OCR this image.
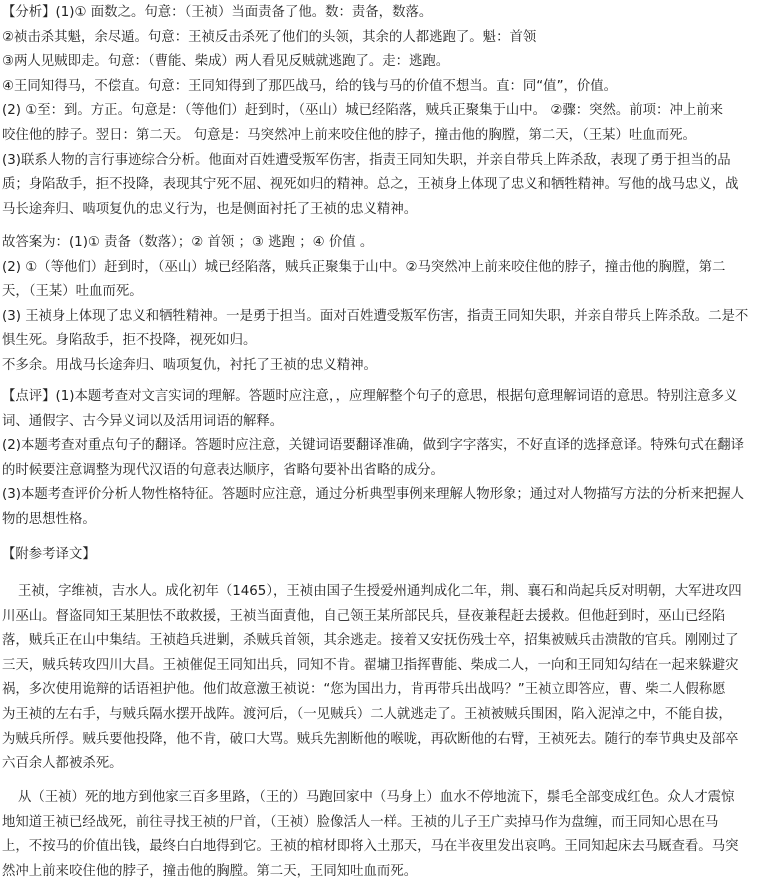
【分析】(1)① 面数之。句意：（王祯）当面责备了他。数：责备，数落。

②祯击杀其魁，余尽遁。句意：王祯反击杀死了他们的头领，其余的人都逃跑了。魁：首领

③两人见贼即走。句意：（曹能、柴成）两人看见反贼就逃跑了。走：逃跑。

④王同知得马，不偿直。句意：王同知得到了那匹战马，给的钱与马的价值不想当。直：同“值”，价值。

(2) ①至：到。方正。句意是：（等他们）赶到时，（巫山）城已经陷落，贼兵正聚集于山中。 ②骤：突然。前项：冲上前来

咬住他的脖子。翌日：第二天。 句意是：马突然冲上前来咬住他的脖子，撞击他的胸膛，第二天，（王某）吐血而死。

(3)联系人物的言行事迹综合分析。他面对百姓遭受叛军伤害，指责王同知失职，并亲自带兵上阵杀敌，表现了勇于担当的品

质；身陷敌手，拒不投降，表现其宁死不屈、视死如归的精神。总之，王祯身上体现了忠义和牺牲精神。写他的战马忠义，战

马长途奔归、啮项复仇的忠义行为，也是侧面衬托了王祯的忠义精神。

故答案为：(1)① 责备（数落）；② 首领 ；③ 逃跑 ；④ 价值 。

(2) ①（等他们）赶到时，（巫山）城已经陷落，贼兵正聚集于山中。②马突然冲上前来咬住他的脖子，撞击他的胸膛，第二

天，（王某）吐血而死。

(3) 王祯身上体现了忠义和牺牲精神。一是勇于担当。面对百姓遭受叛军伤害，指责王同知失职，并亲自带兵上阵杀敌。二是不

惧生死。身陷敌手，拒不投降，视死如归。

不多余。用战马长途奔归、啮项复仇，衬托了王祯的忠义精神。

【点评】(1)本题考查对文言实词的理解。答题时应注意，，应理解整个句子的意思，根据句意理解词语的意思。特别注意多义

词、通假字、古今异义词以及活用词语的解释。

(2)本题考查对重点句子的翻译。答题时应注意，关键词语要翻译准确，做到字字落实，不好直译的选择意译。特殊句式在翻译

的时候要注意调整为现代汉语的句意表达顺序，省略句要补出省略的成分。

(3)本题考查评价分析人物性格特征。答题时应注意，通过分析典型事例来理解人物形象；通过对人物描写方法的分析来把握人

物的思想性格。

【附参考译文】

王祯，字维祯，吉水人。成化初年（1465），王祯由国子生授爱州通判成化二年，荆、襄石和尚起兵反对明朝，大军进攻四

川巫山。督盗同知王某胆怯不敢救援，王祯当面責他，自己领王某所部民兵，昼夜兼程赶去援救。但他赶到时，巫山已经陷

落，贼兵正在山中集结。王祯趋兵进剿，杀贼兵首领，其余逃走。接着又安抚伤残士卒，招集被贼兵击溃散的官兵。刚刚过了

三天，贼兵转攻四川大昌。王祯催促王同知出兵，同知不肯。翟墉卫指挥曹能、柴成二人，一向和王同知勾结在一起来躲避灾

祸，多次使用诡辩的话语袒护他。他们故意激王祯说：“您为国出力，肯再带兵出战吗？”王祯立即答应，曹、柴二人假称愿

为王祯的左右手，与贼兵隔水摆开战阵。渡河后，（一见贼兵）二人就逃走了。王祯被贼兵围困，陷入泥淖之中，不能自拔，

为贼兵所俘。贼兵要他投降，他不肯，破口大骂。贼兵先割断他的喉咙，再砍断他的右臂，王祯死去。随行的奉节典史及部卒

六百余人都被杀死。

从（王祯）死的地方到他家三百多里路，（王的）马跑回家中（马身上）血水不停地流下，鬃毛全部变成红色。众人才震惊

地知道王祯已经战死，前往寻找王祯的尸首，（王祯）脸像活人一样。王祯的儿子王广卖掉马作为盘缠，而王同知心思在马

上，不按马的价值出钱，最终白白地得到它。王祯的棺材即将入土那天，马在半夜里发出哀鸣。王同知起床去马厩查看。马突

然冲上前来咬住他的脖子，撞击他的胸膛。第二天，王同知吐血而死。
